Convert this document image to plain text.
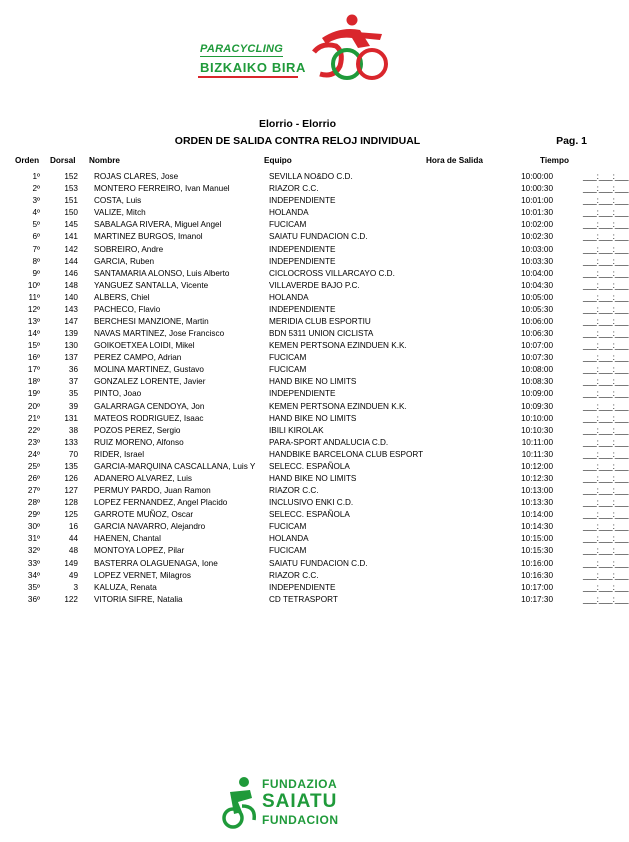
PARACYCLING
BIZKAIKO BIRA
Elorrio - Elorrio
ORDEN DE SALIDA CONTRA RELOJ INDIVIDUAL	Pag. 1
Orden Dorsal Nombre	Equipo	Hora de Salida	Tiempo
1º	152	ROJAS CLARES, Jose	SEVILLA NO&DO C.D.	10:00:00	___:___:___
2º	153	MONTERO FERREIRO, Ivan Manuel	RIAZOR C.C.	10:00:30	___:___:___
3º	151	COSTA, Luis	INDEPENDIENTE	10:01:00	___:___:___
4º	150	VALIZE, Mitch	HOLANDA	10:01:30	___:___:___
5º	145	SABALAGA RIVERA, Miguel Angel	FUCICAM	10:02:00	___:___:___
6º	141	MARTINEZ BURGOS, Imanol	SAIATU FUNDACION C.D.	10:02:30	___:___:___
7º	142	SOBREIRO, Andre	INDEPENDIENTE	10:03:00	___:___:___
8º	144	GARCIA, Ruben	INDEPENDIENTE	10:03:30	___:___:___
9º	146	SANTAMARIA ALONSO, Luis Alberto	CICLOCROSS VILLARCAYO C.D.	10:04:00	___:___:___
10º	148	YANGUEZ SANTALLA, Vicente	VILLAVERDE BAJO P.C.	10:04:30	___:___:___
11º	140	ALBERS, Chiel	HOLANDA	10:05:00	___:___:___
12º	143	PACHECO, Flavio	INDEPENDIENTE	10:05:30	___:___:___
13º	147	BERCHESI MANZIONE, Martin	MERIDIA CLUB ESPORTIU	10:06:00	___:___:___
14º	139	NAVAS MARTINEZ, Jose Francisco	BDN 5311 UNION CICLISTA	10:06:30	___:___:___
15º	130	GOIKOETXEA LOIDI, Mikel	KEMEN PERTSONA EZINDUEN K.K.	10:07:00	___:___:___
16º	137	PEREZ CAMPO, Adrian	FUCICAM	10:07:30	___:___:___
17º	36	MOLINA MARTINEZ, Gustavo	FUCICAM	10:08:00	___:___:___
18º	37	GONZALEZ LORENTE, Javier	HAND BIKE NO LIMITS	10:08:30	___:___:___
19º	35	PINTO, Joao	INDEPENDIENTE	10:09:00	___:___:___
20º	39	GALARRAGA CENDOYA, Jon	KEMEN PERTSONA EZINDUEN K.K.	10:09:30	___:___:___
21º	131	MATEOS RODRIGUEZ, Isaac	HAND BIKE NO LIMITS	10:10:00	___:___:___
22º	38	POZOS PEREZ, Sergio	IBILI KIROLAK	10:10:30	___:___:___
23º	133	RUIZ MORENO, Alfonso	PARA-SPORT ANDALUCIA C.D.	10:11:00	___:___:___
24º	70	RIDER, Israel	HANDBIKE BARCELONA CLUB ESPORT	10:11:30	___:___:___
25º	135	GARCIA-MARQUINA CASCALLANA, Luis Y	SELECC. ESPAÑOLA	10:12:00	___:___:___
26º	126	ADANERO ALVAREZ, Luis	HAND BIKE NO LIMITS	10:12:30	___:___:___
27º	127	PERMUY PARDO, Juan Ramon	RIAZOR C.C.	10:13:00	___:___:___
28º	128	LOPEZ FERNANDEZ, Angel Placido	INCLUSIVO ENKI C.D.	10:13:30	___:___:___
29º	125	GARROTE MUÑOZ, Oscar	SELECC. ESPAÑOLA	10:14:00	___:___:___
30º	16	GARCIA NAVARRO, Alejandro	FUCICAM	10:14:30	___:___:___
31º	44	HAENEN, Chantal	HOLANDA	10:15:00	___:___:___
32º	48	MONTOYA LOPEZ, Pilar	FUCICAM	10:15:30	___:___:___
33º	149	BASTERRA OLAGUENAGA, Ione	SAIATU FUNDACION C.D.	10:16:00	___:___:___
34º	49	LOPEZ VERNET, Milagros	RIAZOR C.C.	10:16:30	___:___:___
35º	3	KALUZA, Renata	INDEPENDIENTE	10:17:00	___:___:___
36º	122	VITORIA SIFRE, Natalia	CD TETRASPORT	10:17:30	___:___:___
FUNDAZIOA
SAIATU
FUNDACION
